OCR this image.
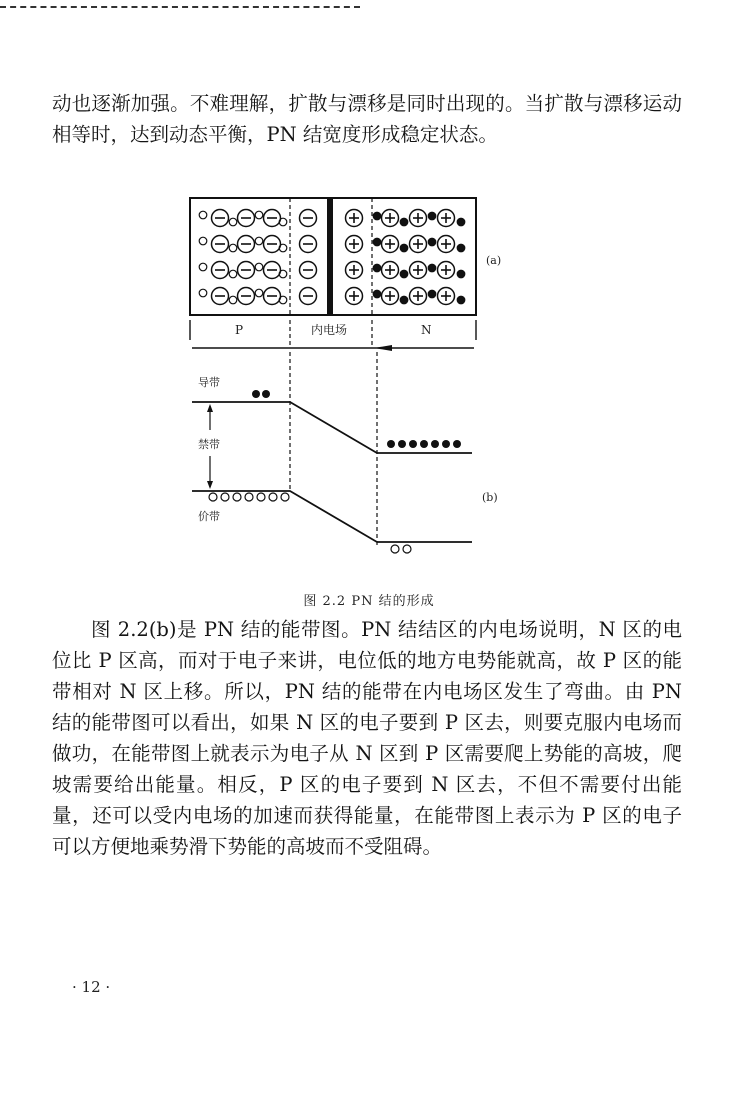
动也逐渐加强。不难理解，扩散与漂移是同时出现的。当扩散与漂移运动相等时，达到动态平衡，PN 结宽度形成稳定状态。

(a)
P	内电场	N
导带
禁带
价带
(b)
图 2.2 PN 结的形成

图 2.2(b)是 PN 结的能带图。PN 结结区的内电场说明，N 区的电位比 P 区高，而对于电子来讲，电位低的地方电势能就高，故 P 区的能带相对 N 区上移。所以，PN 结的能带在内电场区发生了弯曲。由 PN 结的能带图可以看出，如果 N 区的电子要到 P 区去，则要克服内电场而做功，在能带图上就表示为电子从 N 区到 P 区需要爬上势能的高坡，爬坡需要给出能量。相反，P 区的电子要到 N 区去，不但不需要付出能量，还可以受内电场的加速而获得能量，在能带图上表示为 P 区的电子可以方便地乘势滑下势能的高坡而不受阻碍。

· 12 ·
